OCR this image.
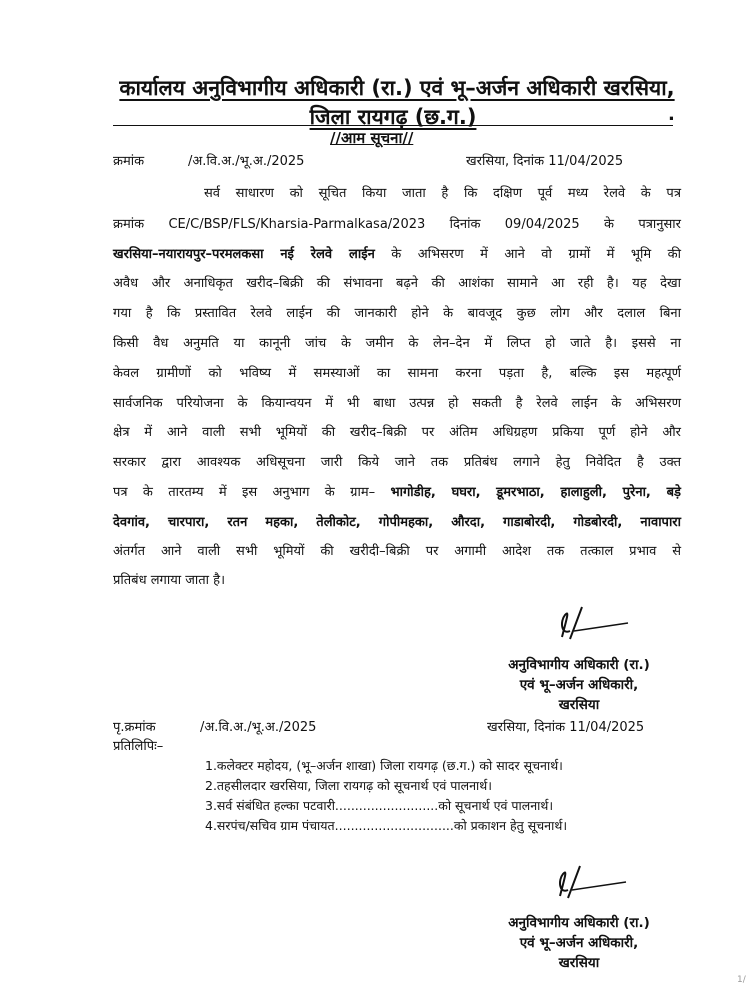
कार्यालय अनुविभागीय अधिकारी (रा.) एवं भू–अर्जन अधिकारी खरसिया,
जिला रायगढ़ (छ.ग.)	.
//आम सूचना//
क्रमांक	/अ.वि.अ./भू.अ./2025	खरसिया, दिनांक 11/04/2025
सर्व साधारण को सूचित किया जाता है कि दक्षिण पूर्व मध्य रेलवे के पत्र
क्रमांक CE/C/BSP/FLS/Kharsia-Parmalkasa/2023 दिनांक 09/04/2025 के पत्रानुसार
खरसिया–नयारायपुर–परमलकसा नई रेलवे लाईन के अभिसरण में आने वो ग्रामों में भूमि की
अवैध और अनाधिकृत खरीद–बिक्री की संभावना बढ़ने की आशंका सामाने आ रही है। यह देखा
गया है कि प्रस्तावित रेलवे लाईन की जानकारी होने के बावजूद कुछ लोग और दलाल बिना
किसी वैध अनुमति या कानूनी जांच के जमीन के लेन–देन में लिप्त हो जाते है। इससे ना
केवल ग्रामीणों को भविष्य में समस्याओं का सामना करना पड़ता है, बल्कि इस महत्पूर्ण
सार्वजनिक परियोजना के कियान्वयन में भी बाधा उत्पन्न हो सकती है रेलवे लाईन के अभिसरण
क्षेत्र में आने वाली सभी भूमियों की खरीद–बिक्री पर अंतिम अधिग्रहण प्रकिया पूर्ण होने और
सरकार द्वारा आवश्यक अधिसूचना जारी किये जाने तक प्रतिबंध लगाने हेतु निवेदित है उक्त
पत्र के तारतम्य में इस अनुभाग के ग्राम– भागोडीह, घघरा, डूमरभाठा, हालाहुली, पुरेना, बड़े
देवगांव, चारपारा, रतन महका, तेलीकोट, गोपीमहका, औरदा, गाडाबोरदी, गोडबोरदी, नावापारा
अंतर्गत आने वाली सभी भूमियों की खरीदी–बिक्री पर अगामी आदेश तक तत्काल प्रभाव से
प्रतिबंध लगाया जाता है।
अनुविभागीय अधिकारी (रा.)
एवं भू–अर्जन अधिकारी,
खरसिया
पृ.क्रमांक	/अ.वि.अ./भू.अ./2025	खरसिया, दिनांक 11/04/2025
प्रतिलिपिः–
1.कलेक्टर महोदय, (भू–अर्जन शाखा) जिला रायगढ़ (छ.ग.) को सादर सूचनार्थ।
2.तहसीलदार खरसिया, जिला रायगढ़ को सूचनार्थ एवं पालनार्थ।
3.सर्व संबंधित हल्का पटवारी..........................को सूचनार्थ एवं पालनार्थ।
4.सरपंच/सचिव ग्राम पंचायत..............................को प्रकाशन हेतु सूचनार्थ।
अनुविभागीय अधिकारी (रा.)
एवं भू–अर्जन अधिकारी,
खरसिया
1/
